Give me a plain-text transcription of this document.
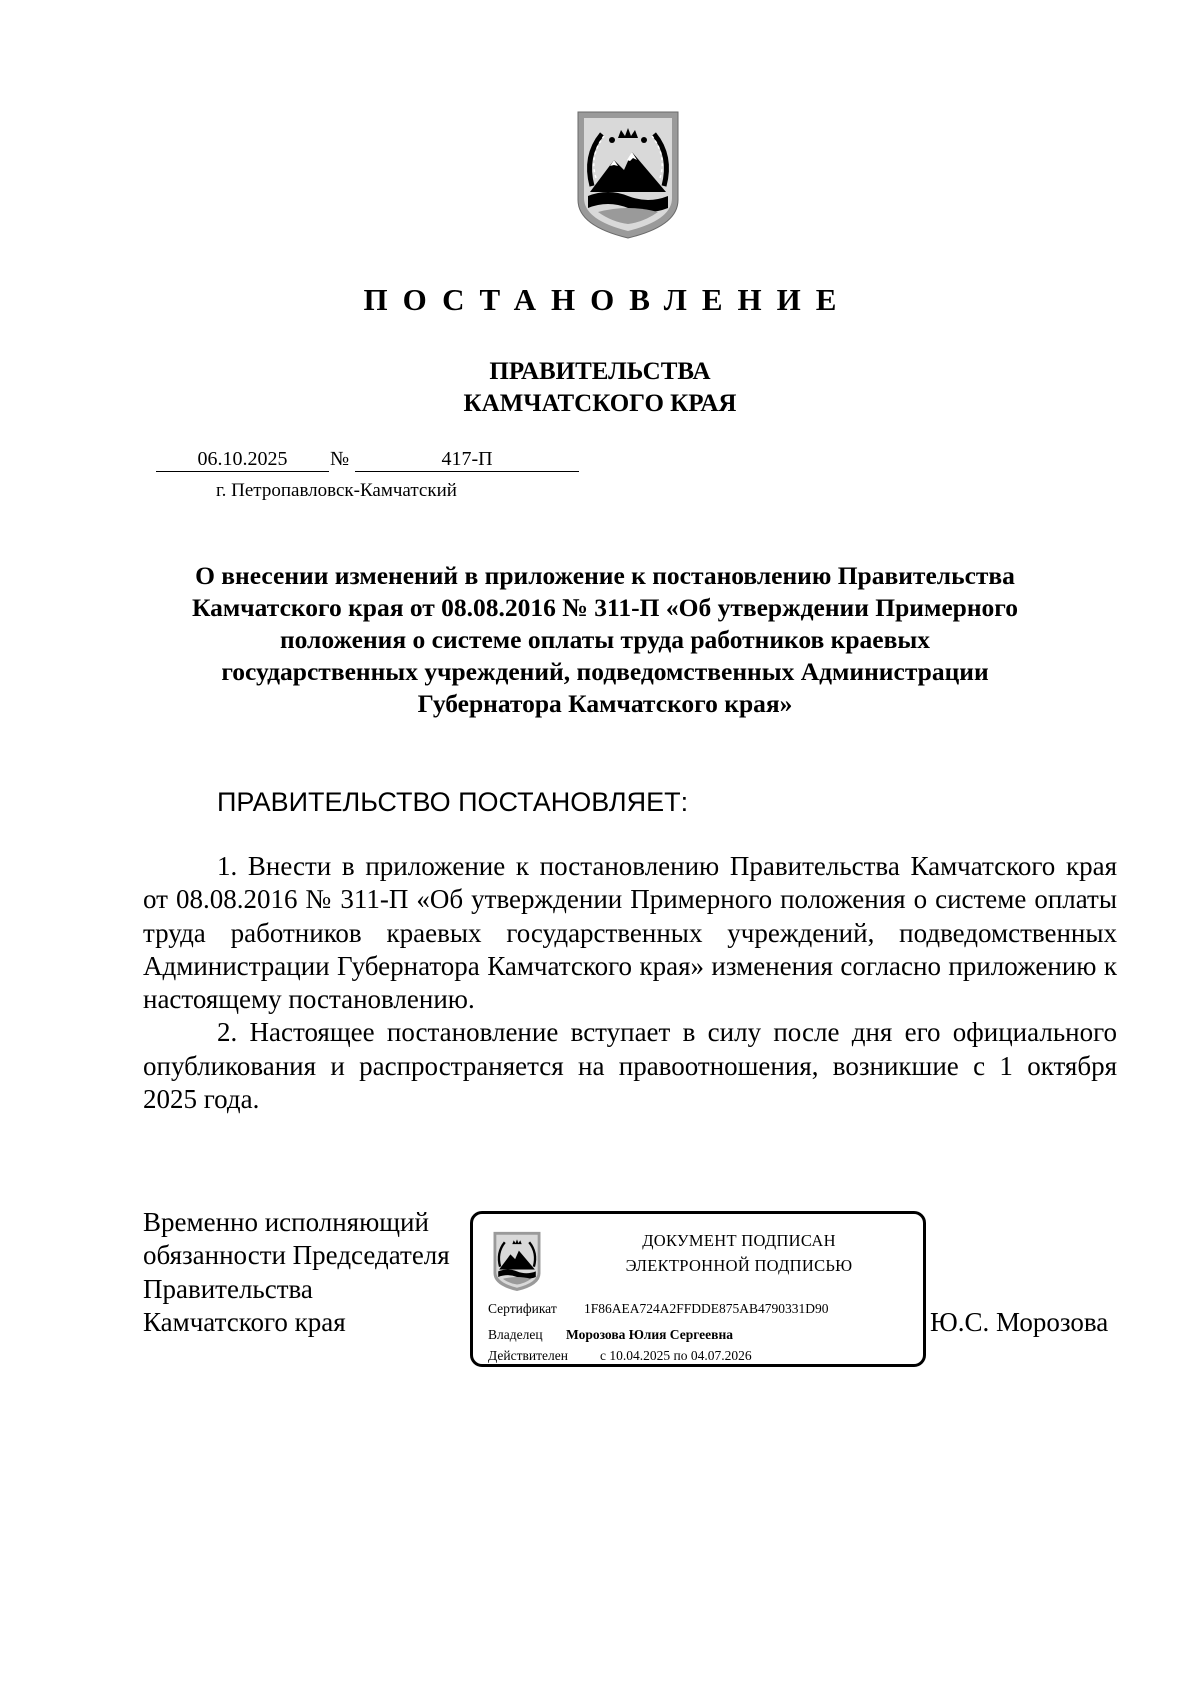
ПОСТАНОВЛЕНИЕ
ПРАВИТЕЛЬСТВА
КАМЧАТСКОГО КРАЯ
06.10.2025	№	417-П
г. Петропавловск-Камчатский
О внесении изменений в приложение к постановлению Правительства
Камчатского края от 08.08.2016 № 311-П «Об утверждении Примерного
положения о системе оплаты труда работников краевых
государственных учреждений, подведомственных Администрации
Губернатора Камчатского края»
ПРАВИТЕЛЬСТВО ПОСТАНОВЛЯЕТ:

1. Внести в приложение к постановлению Правительства Камчатского края от 08.08.2016 № 311-П «Об утверждении Примерного положения о системе оплаты труда работников краевых государственных учреждений, подведомственных Администрации Губернатора Камчатского края» изменения согласно приложению к настоящему постановлению.

2. Настоящее постановление вступает в силу после дня его официального опубликования и распространяется на правоотношения, возникшие с 1 октября 2025 года.

Временно исполняющий
обязанности Председателя
Правительства
Камчатского края
ДОКУМЕНТ ПОДПИСАН
ЭЛЕКТРОННОЙ ПОДПИСЬЮ
Сертификат 1F86AEA724A2FFDDE875AB4790331D90
Владелец Морозова Юлия Сергеевна
Действителен с 10.04.2025 по 04.07.2026
Ю.С. Морозова
